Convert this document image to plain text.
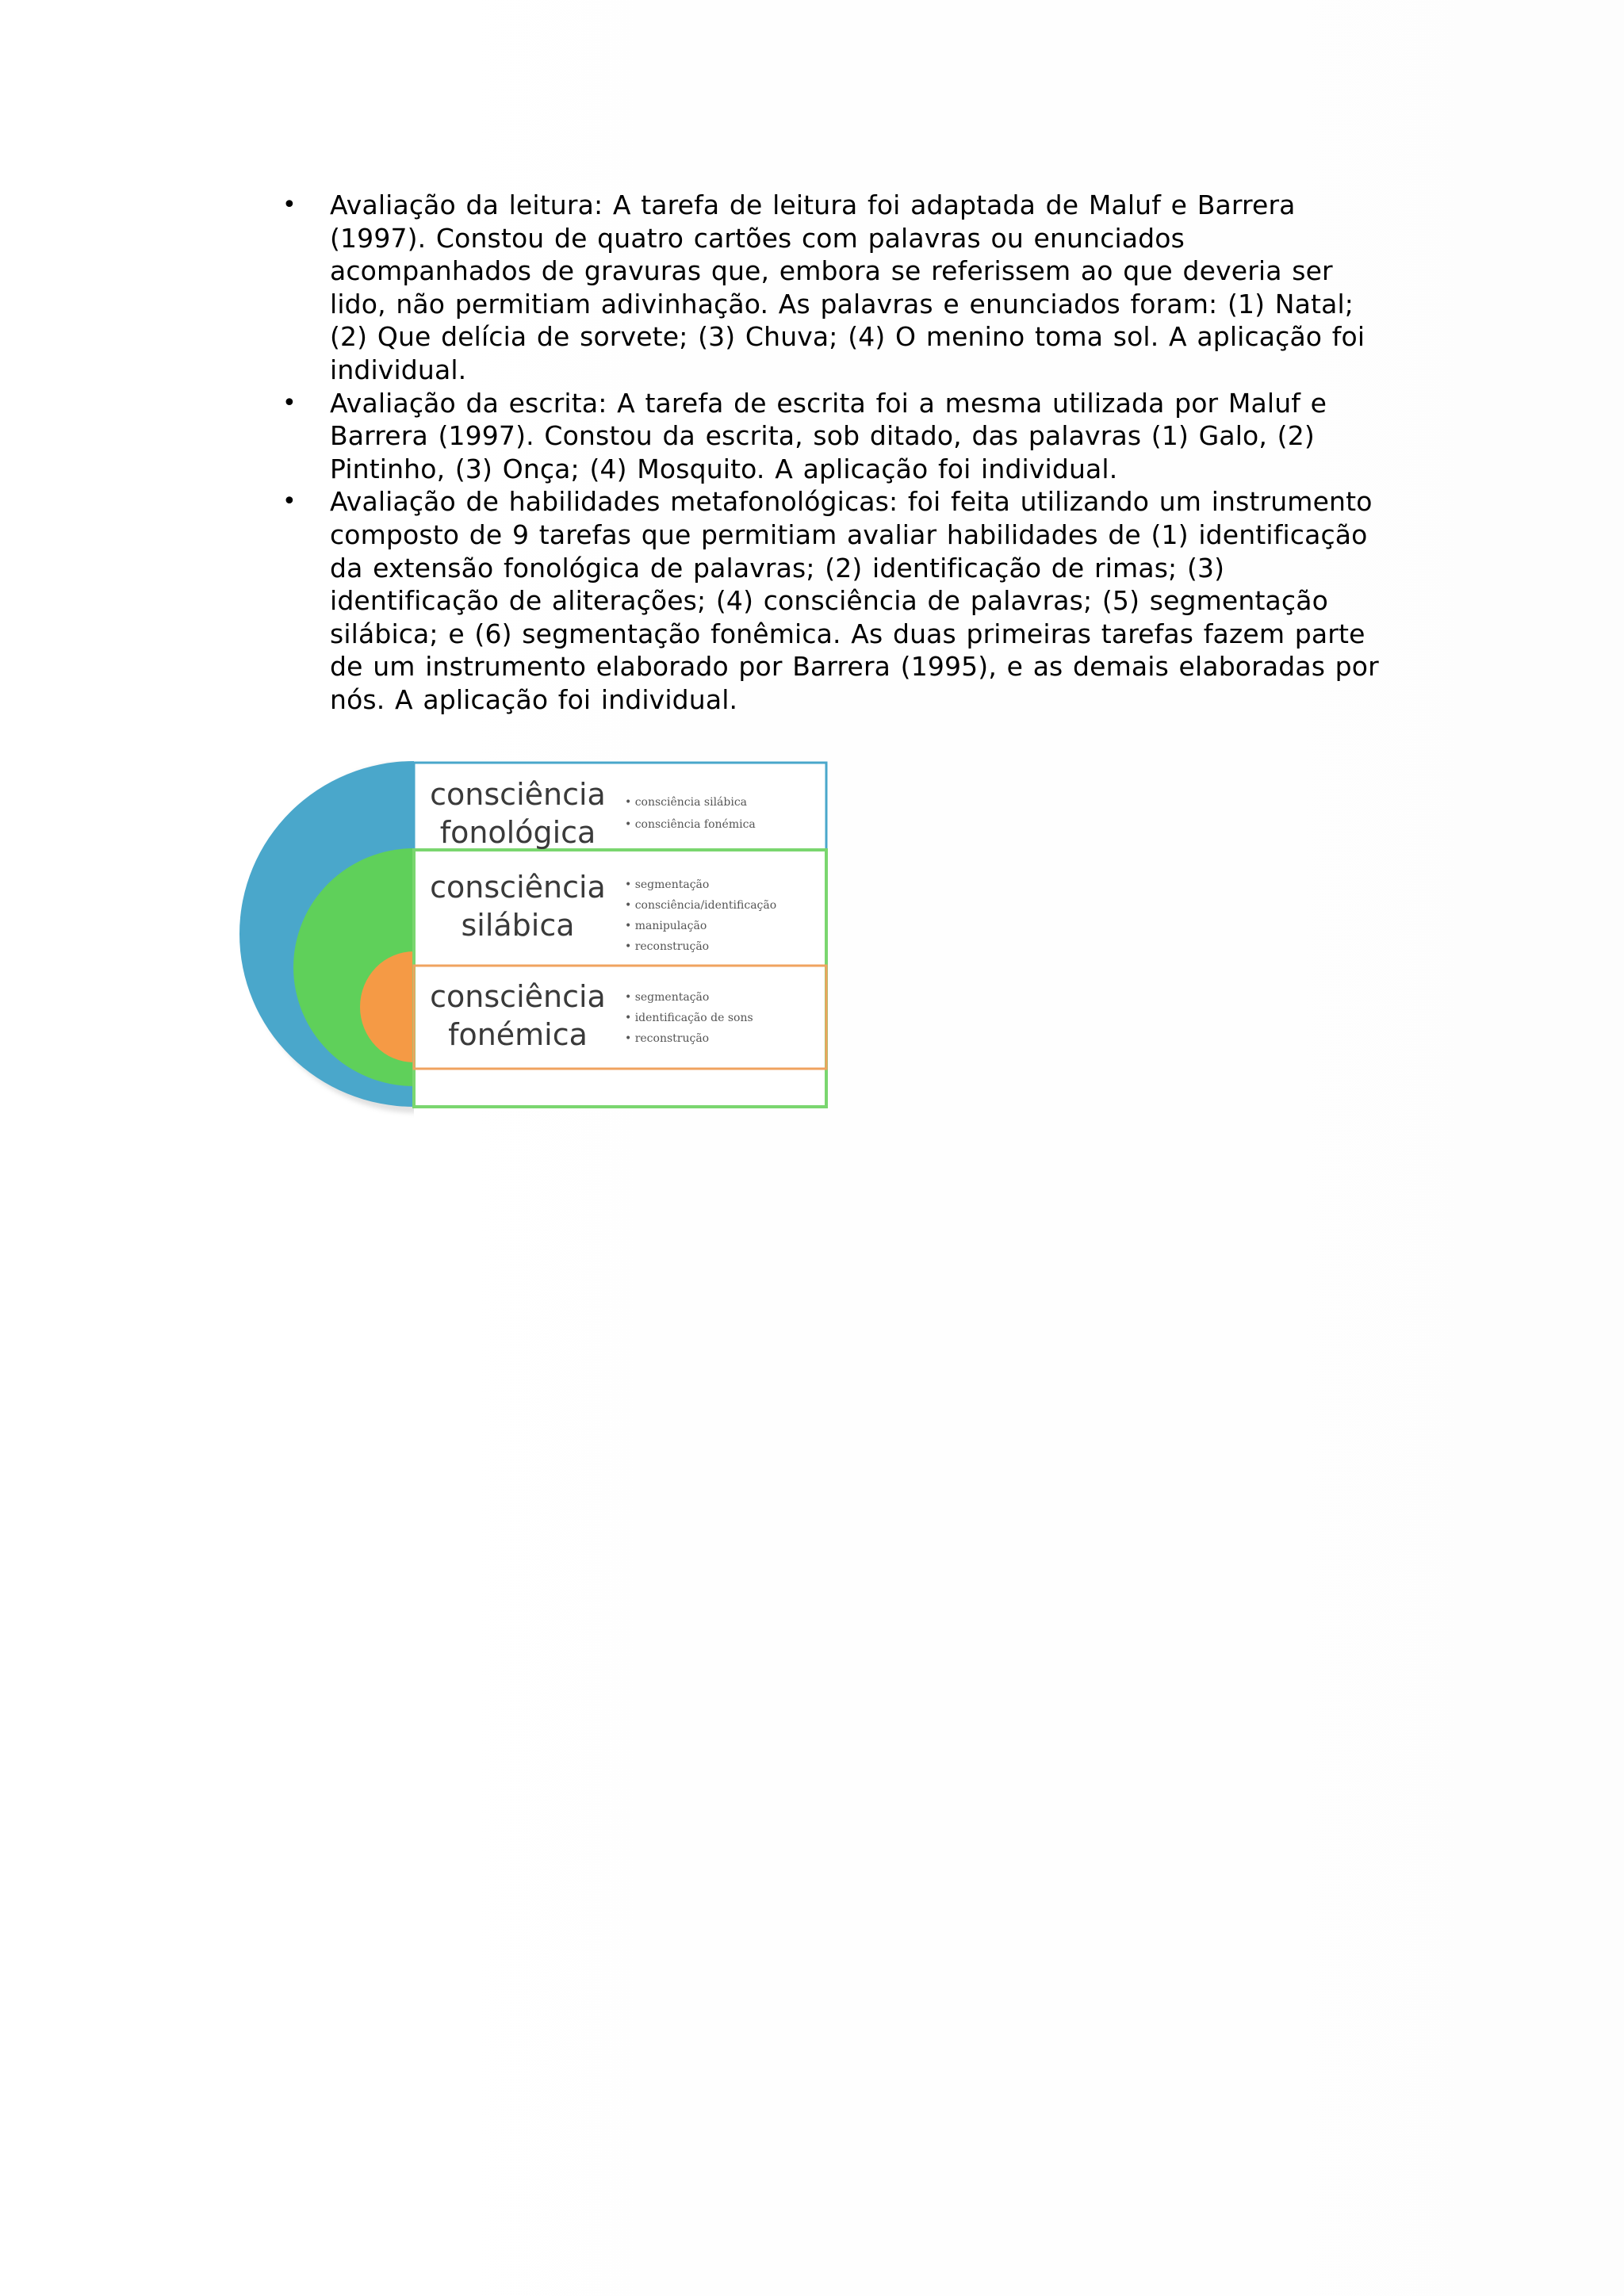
• Avaliação da leitura: A tarefa de leitura foi adaptada de Maluf e Barrera (1997). Constou de quatro cartões com palavras ou enunciados acompanhados de gravuras que, embora se referissem ao que deveria ser lido, não permitiam adivinhação. As palavras e enunciados foram: (1) Natal; (2) Que delícia de sorvete; (3) Chuva; (4) O menino toma sol. A aplicação foi individual.
• Avaliação da escrita: A tarefa de escrita foi a mesma utilizada por Maluf e Barrera (1997). Constou da escrita, sob ditado, das palavras (1) Galo, (2) Pintinho, (3) Onça; (4) Mosquito. A aplicação foi individual.
• Avaliação de habilidades metafonológicas: foi feita utilizando um instrumento composto de 9 tarefas que permitiam avaliar habilidades de (1) identificação da extensão fonológica de palavras; (2) identificação de rimas; (3) identificação de aliterações; (4) consciência de palavras; (5) segmentação silábica; e (6) segmentação fonêmica. As duas primeiras tarefas fazem parte de um instrumento elaborado por Barrera (1995), e as demais elaboradas por nós. A aplicação foi individual.
consciência
fonológica
• consciência silábica
• consciência fonémica
consciência
silábica
• segmentação
• consciência/identificação
• manipulação
• reconstrução
consciência
fonémica
• segmentação
• identificação de sons
• reconstrução
